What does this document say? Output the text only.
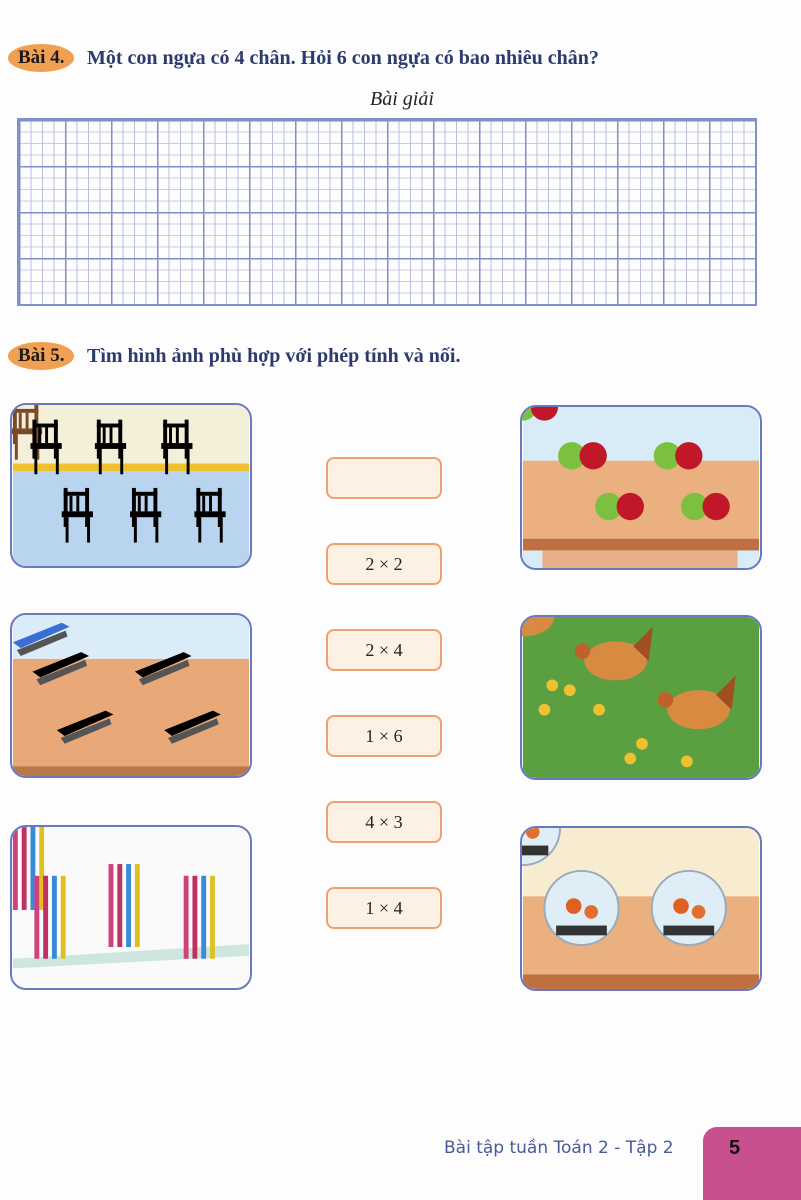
Bài 4.	Một con ngựa có 4 chân. Hỏi 6 con ngựa có bao nhiêu chân?
Bài giải
Bài 5.	Tìm hình ảnh phù hợp với phép tính và nối.
2 × 2
2 × 4
1 × 6
4 × 3
1 × 4
Bài tập tuần Toán 2 - Tập 2	5
